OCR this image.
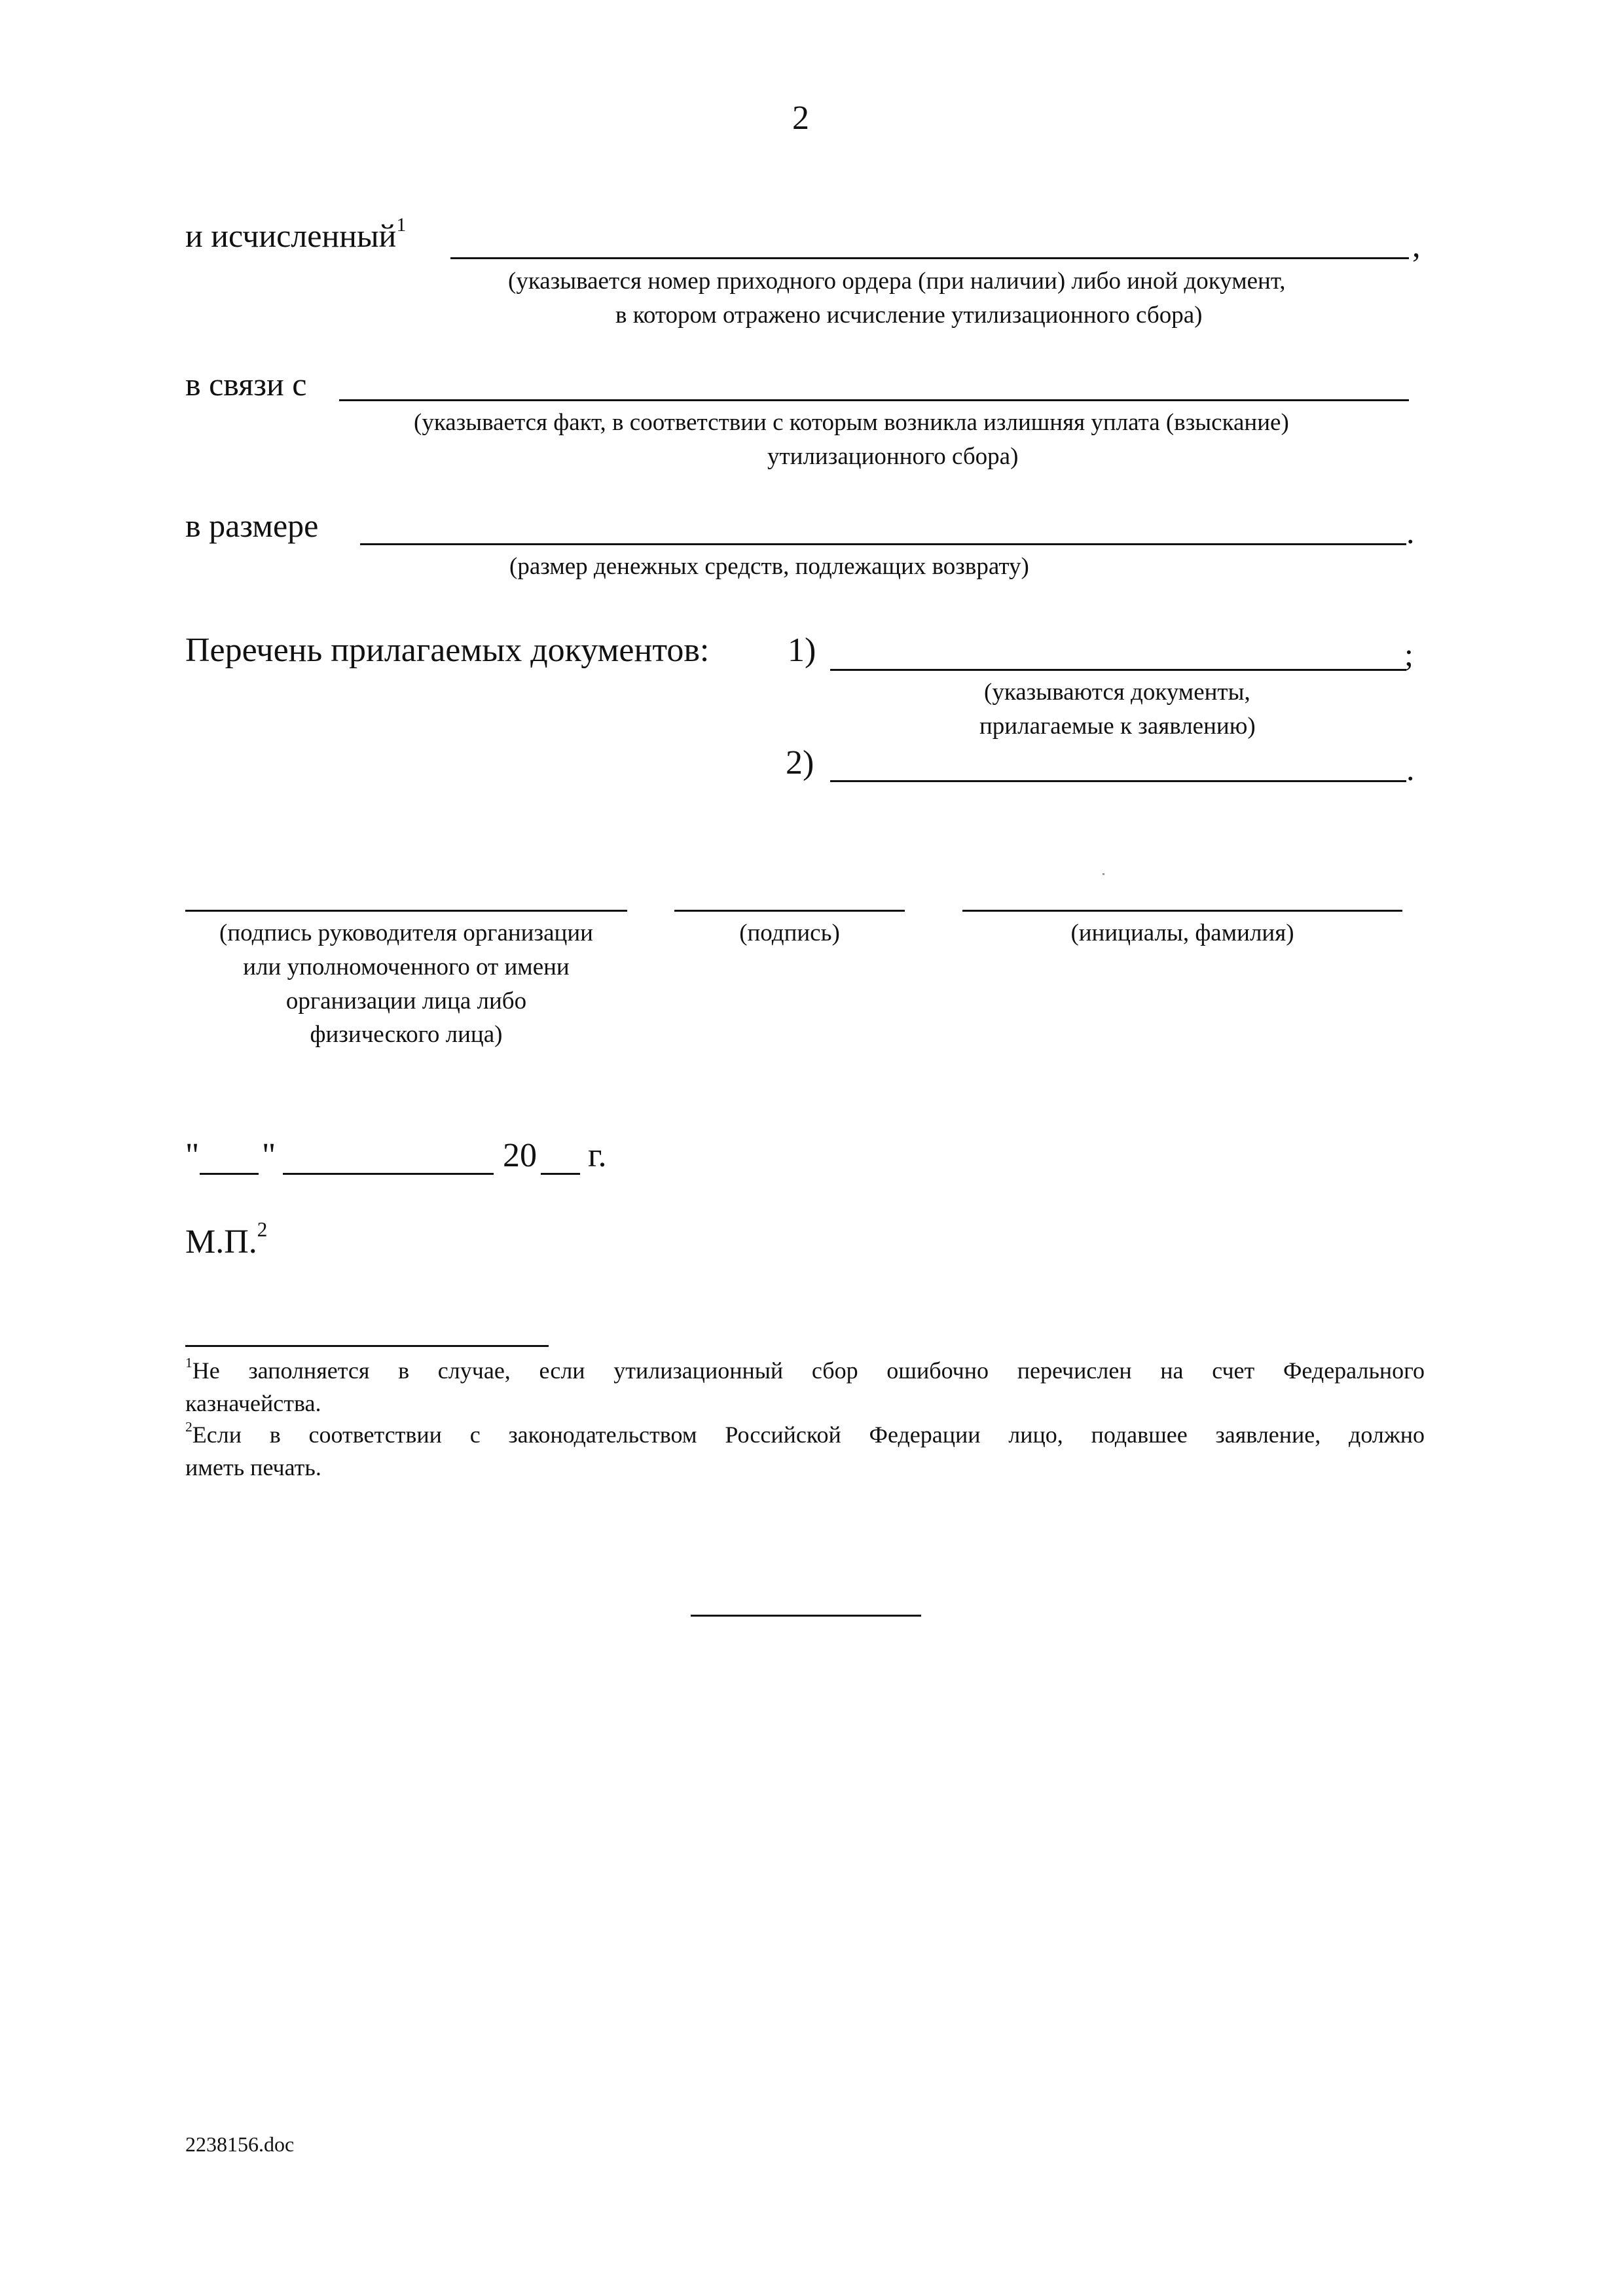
2
и исчисленный$^1$
,
(указывается номер приходного ордера (при наличии) либо иной документ,
в котором отражено исчисление утилизационного сбора)
в связи с
(указывается факт, в соответствии с которым возникла излишняя уплата (взыскание)
утилизационного сбора)
в размере	.
(размер денежных средств, подлежащих возврату)
Перечень прилагаемых документов: 1)	;
(указываются документы,
прилагаемые к заявлению)
2)	.
(подпись руководителя организации
или уполномоченного от имени
организации лица либо
физического лица)
(подпись)	(инициалы, фамилия)
" "	20 г.
М.П.$^2$
$^1$Не заполняется в случае, если утилизационный сбор ошибочно перечислен на счет Федерального
казначейства.
$^2$Если в соответствии с законодательством Российской Федерации лицо, подавшее заявление, должно
иметь печать.
2238156.doc
